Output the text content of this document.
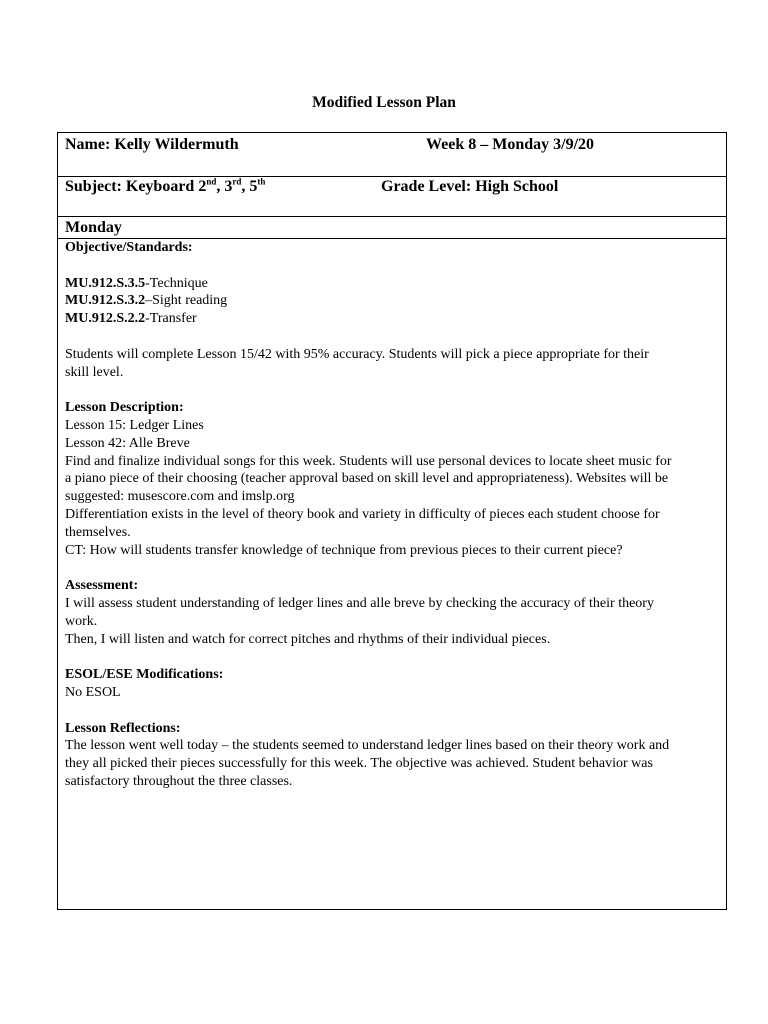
Modified Lesson Plan
Name: Kelly Wildermuth	Week 8 – Monday 3/9/20
Subject: Keyboard 2nd, 3rd, 5th	Grade Level: High School
Monday

Objective/Standards:

MU.912.S.3.5-Technique

MU.912.S.3.2–Sight reading

MU.912.S.2.2-Transfer

Students will complete Lesson 15/42 with 95% accuracy. Students will pick a piece appropriate for their

skill level.

Lesson Description:

Lesson 15: Ledger Lines

Lesson 42: Alle Breve

Find and finalize individual songs for this week. Students will use personal devices to locate sheet music for

a piano piece of their choosing (teacher approval based on skill level and appropriateness). Websites will be

suggested: musescore.com and imslp.org

Differentiation exists in the level of theory book and variety in difficulty of pieces each student choose for

themselves.

CT: How will students transfer knowledge of technique from previous pieces to their current piece?

Assessment:

I will assess student understanding of ledger lines and alle breve by checking the accuracy of their theory

work.

Then, I will listen and watch for correct pitches and rhythms of their individual pieces.

ESOL/ESE Modifications:

No ESOL

Lesson Reflections:

The lesson went well today – the students seemed to understand ledger lines based on their theory work and

they all picked their pieces successfully for this week. The objective was achieved. Student behavior was

satisfactory throughout the three classes.
